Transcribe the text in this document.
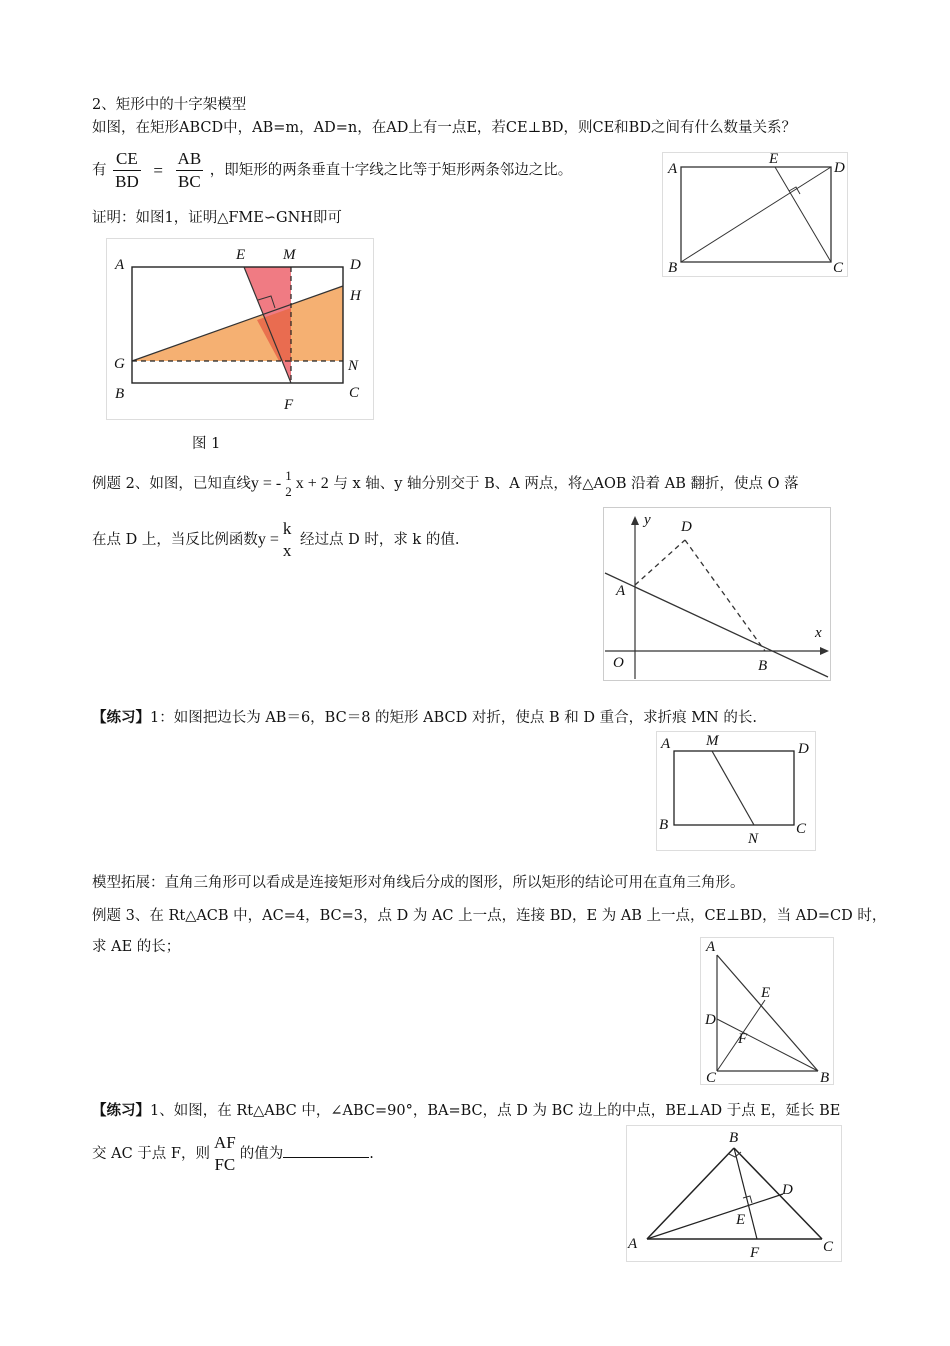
2、矩形中的十字架模型
如图，在矩形ABCD中，AB=m，AD=n，在AD上有一点E，若CE⊥BD，则CE和BD之间有什么数量关系？
有 $\frac{CE}{BD} = \frac{AB}{BC}$ ，即矩形的两条垂直十字线之比等于矩形两条邻边之比。
证明：如图1，证明△FME∽GNH即可
A
E
D
B	C
A
E	M
D
H
G	N
B
F
C
图 1
例题 2、如图，已知直线y = - 1
2 x + 2 与 x 轴、y 轴分别交于 B、A 两点，将△AOB 沿着 AB 翻折，使点 O 落
在点 D 上，当反比例函数y =
k
x
经过点 D 时，求 k 的值.
y D
A
x
O	B
【练习】1：如图把边长为 AB＝6，BC＝8 的矩形 ABCD 对折，使点 B 和 D 重合，求折痕 MN 的长.
A M	D
B
N
C
模型拓展：直角三角形可以看成是连接矩形对角线后分成的图形，所以矩形的结论可用在直角三角形。
例题 3、在 Rt△ACB 中，AC=4，BC=3，点 D 为 AC 上一点，连接 BD，E 为 AB 上一点，CE⊥BD，当 AD=CD 时，
求 AE 的长；	A
E
D
F
C	B
【练习】1、如图，在 Rt△ABC 中，∠ABC=90°，BA=BC，点 D 为 BC 边上的中点，BE⊥AD 于点 E，延长 BE
交 AC 于点 F，则
AF
FC
的值为	.
B
D
E
A
F	C
